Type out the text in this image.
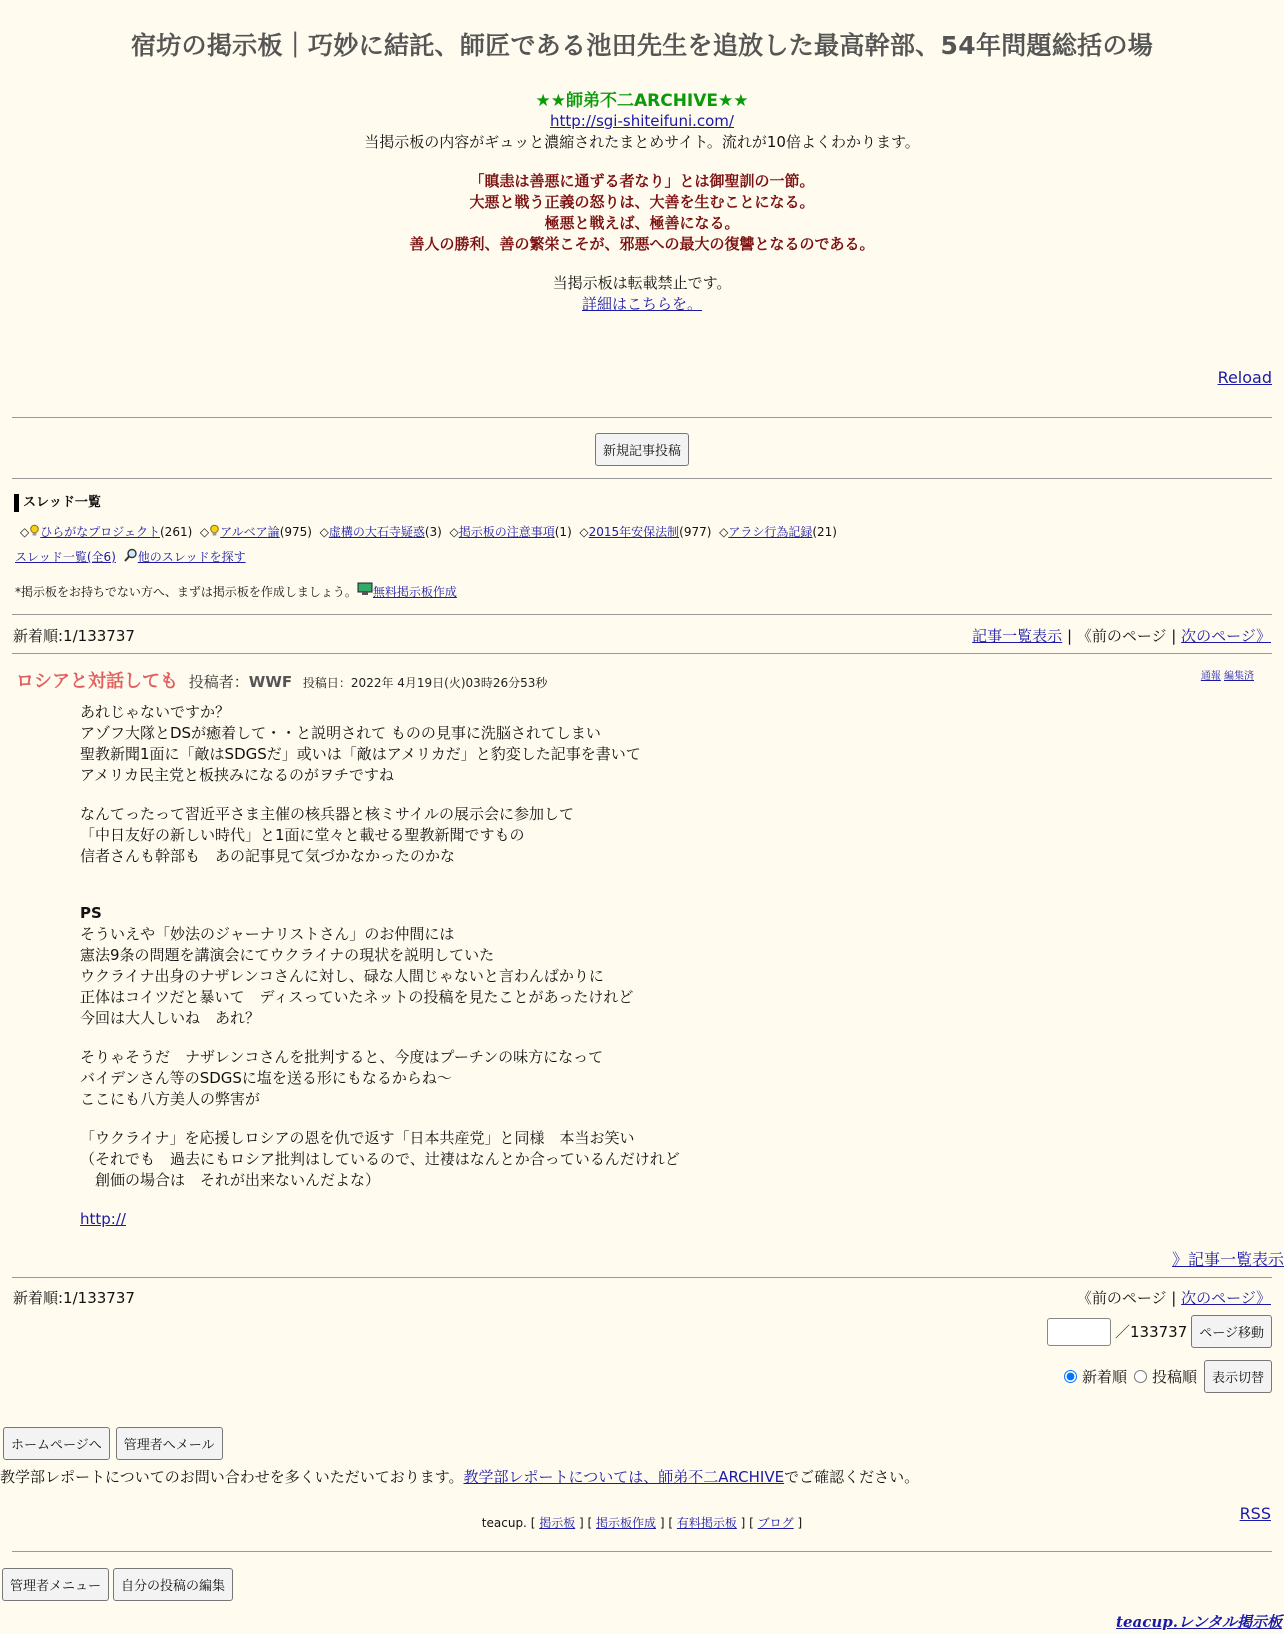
宿坊の掲示板｜巧妙に結託、師匠である池田先生を追放した最高幹部、54年問題総括の場
★★師弟不二ARCHIVE★★
http://sgi-shiteifuni.com/
当掲示板の内容がギュッと濃縮されたまとめサイト。流れが10倍よくわかります。
「瞋恚は善悪に通ずる者なり」とは御聖訓の一節。
大悪と戦う正義の怒りは、大善を生むことになる。
極悪と戦えば、極善になる。
善人の勝利、善の繁栄こそが、邪悪への最大の復讐となるのである。
当掲示板は転載禁止です。
詳細はこちらを。
Reload
新規記事投稿
スレッド一覧
◇ ひらがなプロジェクト(261) ◇ アルベア論(975) ◇虚構の大石寺疑惑(3) ◇掲示板の注意事項(1) ◇2015年安保法制(977) ◇アラシ行為記録(21)
スレッド一覧(全6) 他のスレッドを探す
*掲示板をお持ちでない方へ、まずは掲示板を作成しましょう。 無料掲示板作成
新着順:1/133737	記事一覧表示 | 《前のページ | 次のページ》
ロシアと対話しても 投稿者：WWF 投稿日：2022年 4月19日(火)03時26分53秒	通報 編集済

あれじゃないですか？
アゾフ大隊とDSが癒着して・・と説明されて ものの見事に洗脳されてしまい
聖教新聞1面に「敵はSDGSだ」或いは「敵はアメリカだ」と豹変した記事を書いて
アメリカ民主党と板挟みになるのがヲチですね

なんてったって習近平さま主催の核兵器と核ミサイルの展示会に参加して
「中日友好の新しい時代」と1面に堂々と載せる聖教新聞ですもの
信者さんも幹部も　あの記事見て気づかなかったのかな

PS
そういえや「妙法のジャーナリストさん」のお仲間には
憲法9条の問題を講演会にてウクライナの現状を説明していた
ウクライナ出身のナザレンコさんに対し、碌な人間じゃないと言わんばかりに
正体はコイツだと暴いて　ディスっていたネットの投稿を見たことがあったけれど
今回は大人しいね　あれ？

そりゃそうだ　ナザレンコさんを批判すると、今度はプーチンの味方になって
バイデンさん等のSDGSに塩を送る形にもなるからね～
ここにも八方美人の弊害が

「ウクライナ」を応援しロシアの恩を仇で返す「日本共産党」と同様　本当お笑い
（それでも　過去にもロシア批判はしているので、辻褄はなんとか合っているんだけれど
　創価の場合は　それが出来ないんだよな）

http://

》記事一覧表示
新着順:1/133737	《前のページ | 次のページ》
／133737 ページ移動
新着順 投稿順	表示切替
ホームページへ	管理者へメール
教学部レポートについてのお問い合わせを多くいただいております。教学部レポートについては、師弟不二ARCHIVEでご確認ください。
RSS
teacup. [ 掲示板 ] [ 掲示板作成 ] [ 有料掲示板 ] [ ブログ ]
管理者メニュー	自分の投稿の編集
teacup.レンタル掲示板
